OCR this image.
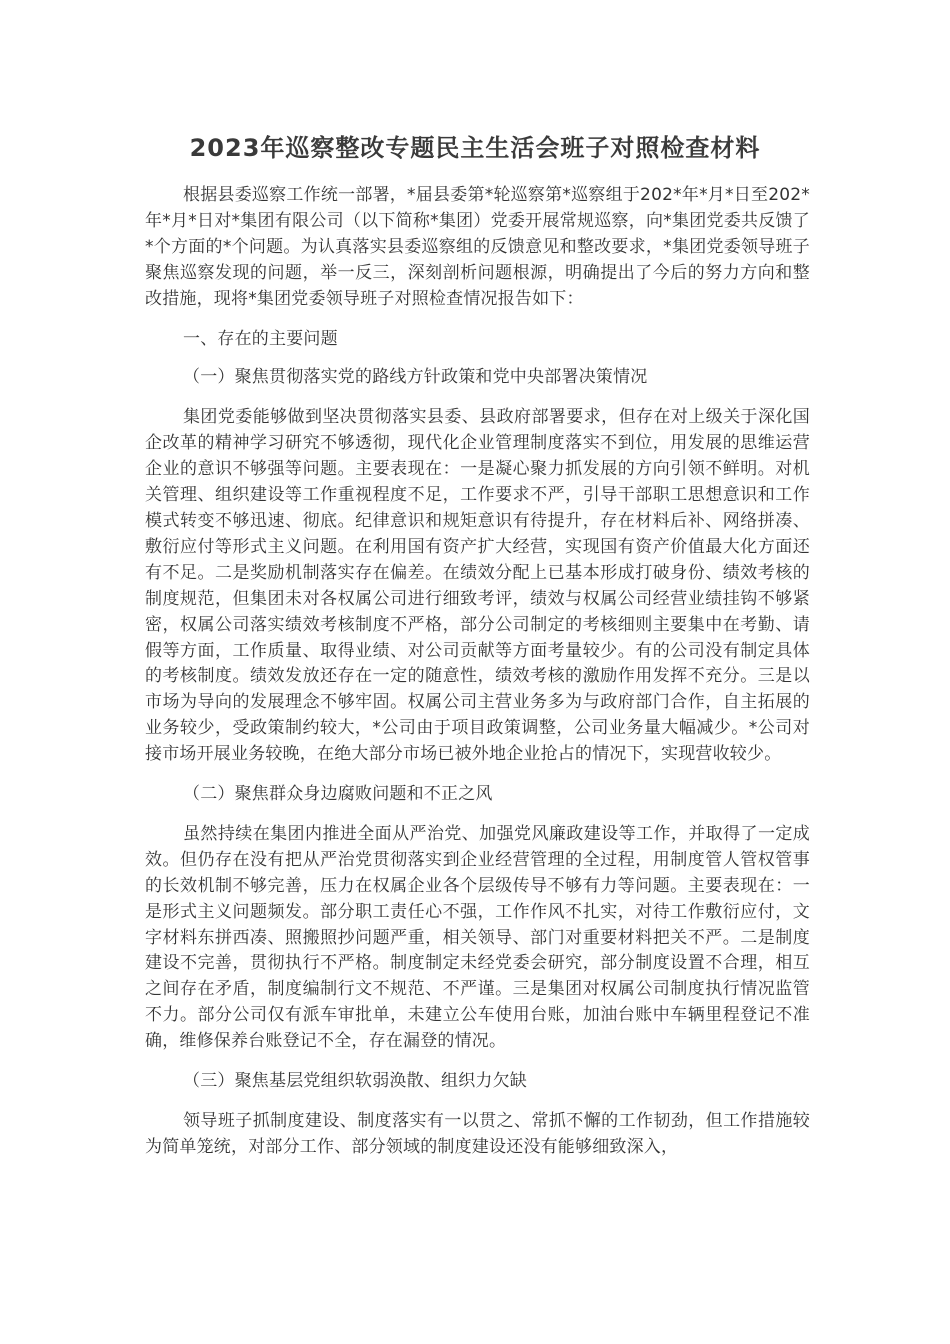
2023年巡察整改专题民主生活会班子对照检查材料

根据县委巡察工作统一部署，*届县委第*轮巡察第*巡察组于202*年*月*日至202*年*月*日对*集团有限公司（以下简称*集团）党委开展常规巡察，向*集团党委共反馈了*个方面的*个问题。为认真落实县委巡察组的反馈意见和整改要求，*集团党委领导班子聚焦巡察发现的问题，举一反三，深刻剖析问题根源，明确提出了今后的努力方向和整改措施，现将*集团党委领导班子对照检查情况报告如下：

一、存在的主要问题

（一）聚焦贯彻落实党的路线方针政策和党中央部署决策情况

集团党委能够做到坚决贯彻落实县委、县政府部署要求，但存在对上级关于深化国企改革的精神学习研究不够透彻，现代化企业管理制度落实不到位，用发展的思维运营企业的意识不够强等问题。主要表现在：一是凝心聚力抓发展的方向引领不鲜明。对机关管理、组织建设等工作重视程度不足，工作要求不严，引导干部职工思想意识和工作模式转变不够迅速、彻底。纪律意识和规矩意识有待提升，存在材料后补、网络拼凑、敷衍应付等形式主义问题。在利用国有资产扩大经营，实现国有资产价值最大化方面还有不足。二是奖励机制落实存在偏差。在绩效分配上已基本形成打破身份、绩效考核的制度规范，但集团未对各权属公司进行细致考评，绩效与权属公司经营业绩挂钩不够紧密，权属公司落实绩效考核制度不严格，部分公司制定的考核细则主要集中在考勤、请假等方面，工作质量、取得业绩、对公司贡献等方面考量较少。有的公司没有制定具体的考核制度。绩效发放还存在一定的随意性，绩效考核的激励作用发挥不充分。三是以市场为导向的发展理念不够牢固。权属公司主营业务多为与政府部门合作，自主拓展的业务较少，受政策制约较大，*公司由于项目政策调整，公司业务量大幅减少。*公司对接市场开展业务较晚，在绝大部分市场已被外地企业抢占的情况下，实现营收较少。

（二）聚焦群众身边腐败问题和不正之风

虽然持续在集团内推进全面从严治党、加强党风廉政建设等工作，并取得了一定成效。但仍存在没有把从严治党贯彻落实到企业经营管理的全过程，用制度管人管权管事的长效机制不够完善，压力在权属企业各个层级传导不够有力等问题。主要表现在：一是形式主义问题频发。部分职工责任心不强，工作作风不扎实，对待工作敷衍应付，文字材料东拼西凑、照搬照抄问题严重，相关领导、部门对重要材料把关不严。二是制度建设不完善，贯彻执行不严格。制度制定未经党委会研究，部分制度设置不合理，相互之间存在矛盾，制度编制行文不规范、不严谨。三是集团对权属公司制度执行情况监管不力。部分公司仅有派车审批单，未建立公车使用台账，加油台账中车辆里程登记不准确，维修保养台账登记不全，存在漏登的情况。

（三）聚焦基层党组织软弱涣散、组织力欠缺

领导班子抓制度建设、制度落实有一以贯之、常抓不懈的工作韧劲，但工作措施较为简单笼统，对部分工作、部分领域的制度建设还没有能够细致深入，
